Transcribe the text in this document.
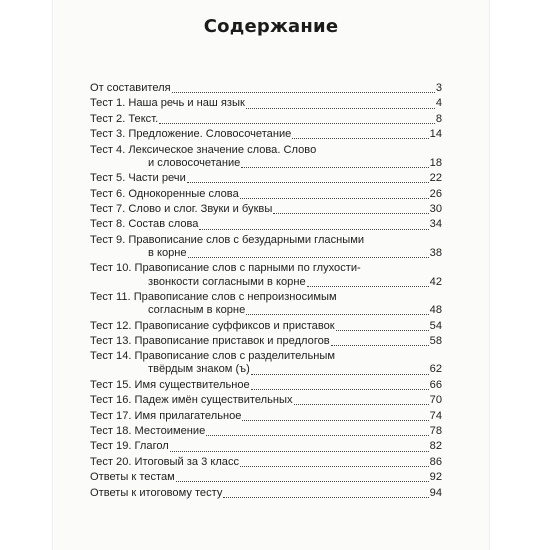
Содержание
От составителя	3
Тест 1. Наша речь и наш язык	4
Тест 2. Текст.	8
Тест 3. Предложение. Словосочетание	14
Тест 4. Лексическое значение слова. Слово
и словосочетание	18
Тест 5. Части речи	22
Тест 6. Однокоренные слова	26
Тест 7. Слово и слог. Звуки и буквы	30
Тест 8. Состав слова	34
Тест 9. Правописание слов с безударными гласными
в корне	38
Тест 10. Правописание слов с парными по глухости-
звонкости согласными в корне	42
Тест 11. Правописание слов с непроизносимым
согласным в корне	48
Тест 12. Правописание суффиксов и приставок	54
Тест 13. Правописание приставок и предлогов	58
Тест 14. Правописание слов с разделительным
твёрдым знаком (ъ)	62
Тест 15. Имя существительное	66
Тест 16. Падеж имён существительных	70
Тест 17. Имя прилагательное	74
Тест 18. Местоимение	78
Тест 19. Глагол	82
Тест 20. Итоговый за 3 класс	86
Ответы к тестам	92
Ответы к итоговому тесту	94
